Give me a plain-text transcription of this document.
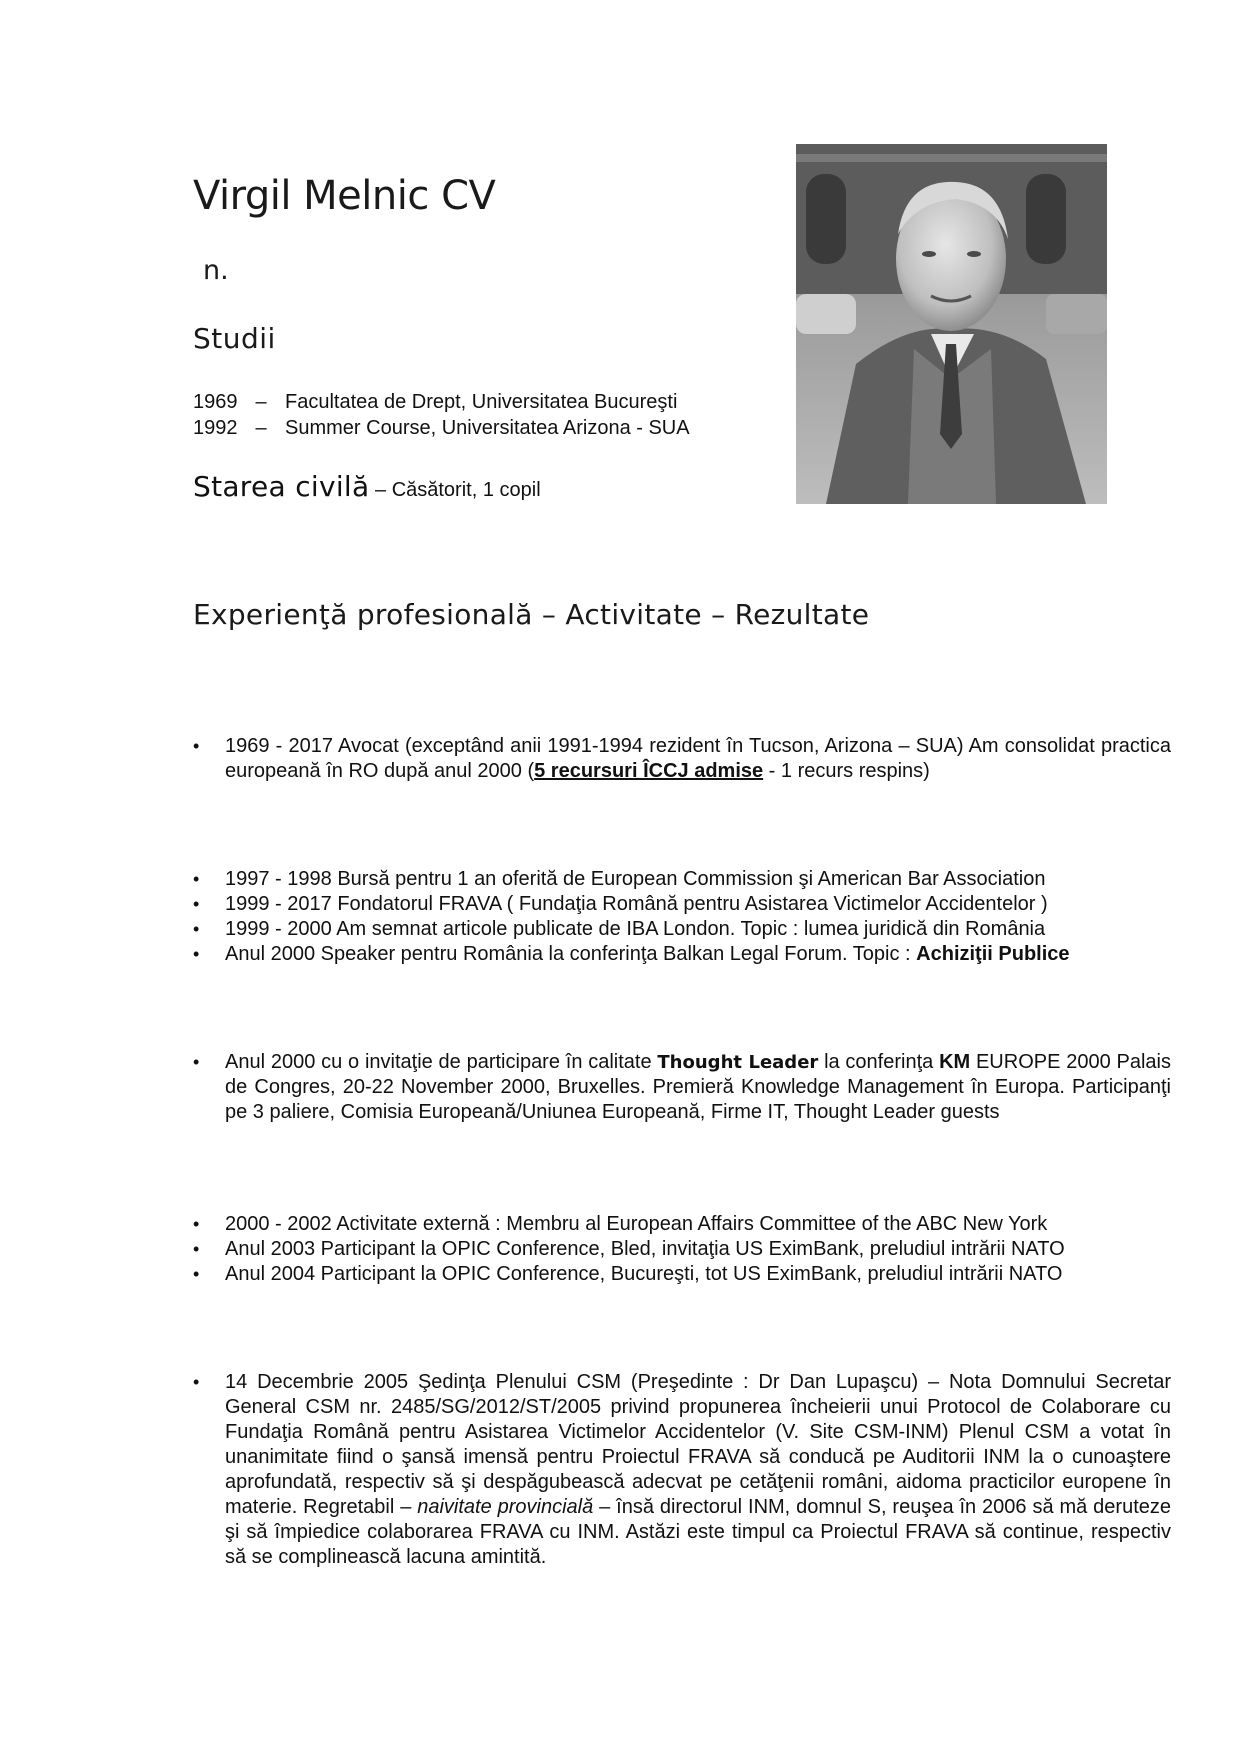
Virgil Melnic CV
n.
Studii
1969 – Facultatea de Drept, Universitatea Bucureşti
1992 – Summer Course, Universitatea Arizona - SUA
Starea civilă – Căsătorit, 1 copil
Experienţă profesională – Activitate – Rezultate

• 1969 - 2017 Avocat (exceptând anii 1991-1994 rezident în Tucson, Arizona – SUA) Am consolidat practica europeană în RO după anul 2000 (5 recursuri ÎCCJ admise - 1 recurs respins)

• 1997 - 1998 Bursă pentru 1 an oferită de European Commission şi American Bar Association

• 1999 - 2017 Fondatorul FRAVA ( Fundaţia Română pentru Asistarea Victimelor Accidentelor )

• 1999 - 2000 Am semnat articole publicate de IBA London. Topic : lumea juridică din România

• Anul 2000 Speaker pentru România la conferinţa Balkan Legal Forum. Topic : Achiziţii Publice

• Anul 2000 cu o invitaţie de participare în calitate Thought Leader la conferinţa KM EUROPE 2000 Palais de Congres, 20-22 November 2000, Bruxelles. Premieră Knowledge Management în Europa. Participanţi pe 3 paliere, Comisia Europeană/Uniunea Europeană, Firme IT, Thought Leader guests

• 2000 - 2002 Activitate externă : Membru al European Affairs Committee of the ABC New York

• Anul 2003 Participant la OPIC Conference, Bled, invitaţia US EximBank, preludiul intrării NATO

• Anul 2004 Participant la OPIC Conference, Bucureşti, tot US EximBank, preludiul intrării NATO

• 14 Decembrie 2005 Şedinţa Plenului CSM (Preşedinte : Dr Dan Lupaşcu) – Nota Domnului Secretar General CSM nr. 2485/SG/2012/ST/2005 privind propunerea încheierii unui Protocol de Colaborare cu Fundaţia Română pentru Asistarea Victimelor Accidentelor (V. Site CSM-INM) Plenul CSM a votat în unanimitate fiind o şansă imensă pentru Proiectul FRAVA să conducă pe Auditorii INM la o cunoaştere aprofundată, respectiv să şi despăgubească adecvat pe cetăţenii români, aidoma practicilor europene în materie. Regretabil – naivitate provincială – însă directorul INM, domnul S, reuşea în 2006 să mă deruteze şi să împiedice colaborarea FRAVA cu INM. Astăzi este timpul ca Proiectul FRAVA să continue, respectiv să se complinească lacuna amintită.
